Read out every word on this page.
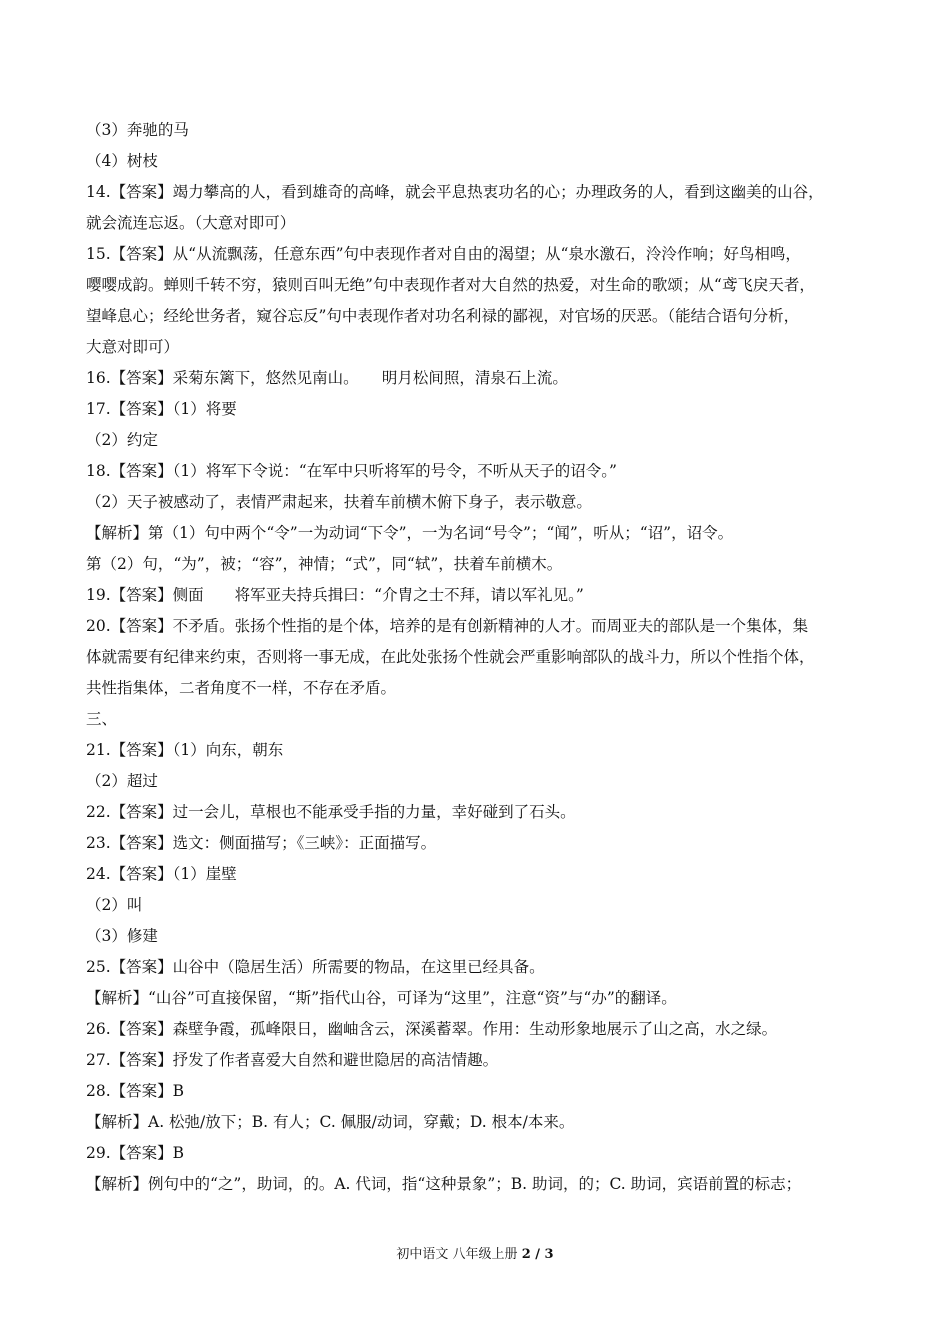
（3）奔驰的马
（4）树枝
14.【答案】竭力攀高的人，看到雄奇的高峰，就会平息热衷功名的心；办理政务的人，看到这幽美的山谷，
就会流连忘返。（大意对即可）
15.【答案】从“从流飘荡，任意东西”句中表现作者对自由的渴望；从“泉水激石，泠泠作响；好鸟相鸣，
嘤嘤成韵。蝉则千转不穷，猿则百叫无绝”句中表现作者对大自然的热爱，对生命的歌颂；从“鸢飞戾天者，
望峰息心；经纶世务者，窥谷忘反”句中表现作者对功名利禄的鄙视，对官场的厌恶。（能结合语句分析，
大意对即可）
16.【答案】采菊东篱下，悠然见南山。　　明月松间照，清泉石上流。
17.【答案】（1）将要
（2）约定
18.【答案】（1）将军下令说：“在军中只听将军的号令，不听从天子的诏令。”
（2）天子被感动了，表情严肃起来，扶着车前横木俯下身子，表示敬意。
【解析】第（1）句中两个“令”一为动词“下令”，一为名词“号令”；“闻”，听从；“诏”，诏令。
第（2）句，“为”，被；“容”，神情；“式”，同“轼”，扶着车前横木。
19.【答案】侧面　　将军亚夫持兵揖曰：“介胄之士不拜，请以军礼见。”
20.【答案】不矛盾。张扬个性指的是个体，培养的是有创新精神的人才。而周亚夫的部队是一个集体，集
体就需要有纪律来约束，否则将一事无成，在此处张扬个性就会严重影响部队的战斗力，所以个性指个体，
共性指集体，二者角度不一样，不存在矛盾。
三、
21.【答案】（1）向东，朝东
（2）超过
22.【答案】过一会儿，草根也不能承受手指的力量，幸好碰到了石头。
23.【答案】选文：侧面描写；《三峡》：正面描写。
24.【答案】（1）崖壁
（2）叫
（3）修建
25.【答案】山谷中（隐居生活）所需要的物品，在这里已经具备。
【解析】“山谷”可直接保留，“斯”指代山谷，可译为“这里”，注意“资”与“办”的翻译。
26.【答案】森壁争霞，孤峰限日，幽岫含云，深溪蓄翠。作用：生动形象地展示了山之高，水之绿。
27.【答案】抒发了作者喜爱大自然和避世隐居的高洁情趣。
28.【答案】B
【解析】A. 松弛/放下；B. 有人；C. 佩服/动词，穿戴；D. 根本/本来。
29.【答案】B
【解析】例句中的“之”，助词，的。A. 代词，指“这种景象”；B. 助词，的；C. 助词，宾语前置的标志；
初中语文 八年级上册 2 / 3
